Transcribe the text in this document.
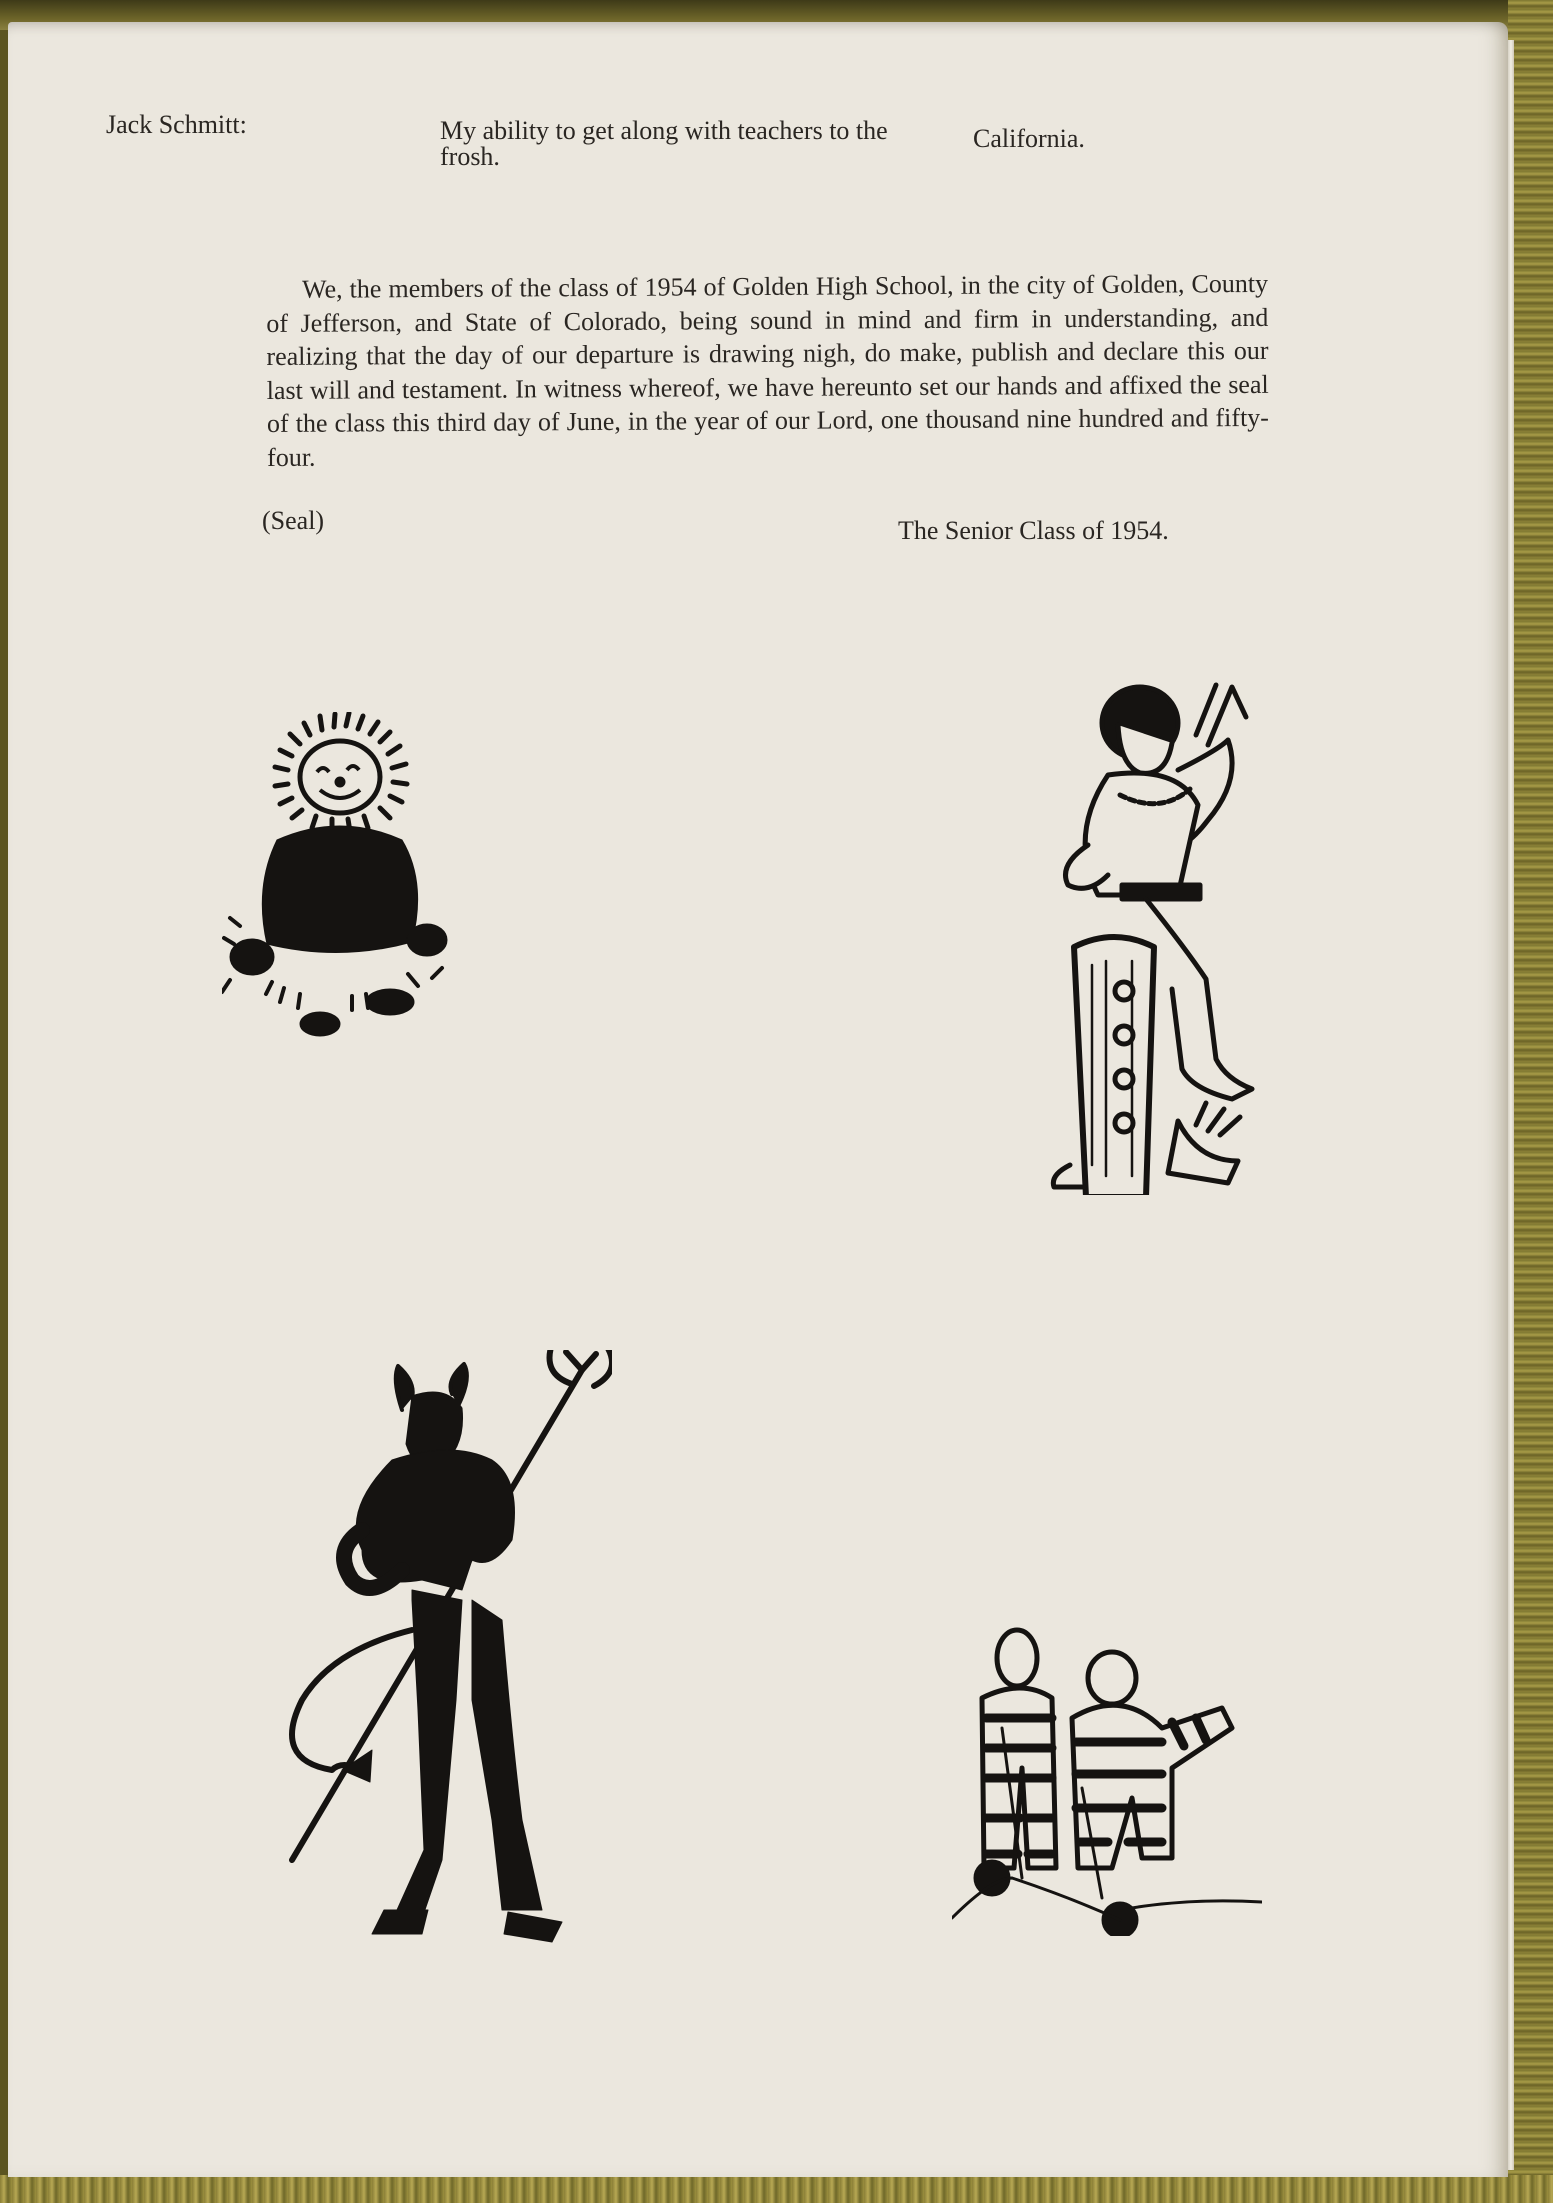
Jack Schmitt:	My ability to get along with teachers to the frosh.
California.
We, the members of the class of 1954 of Golden High School, in the city of Golden, County of Jefferson, and State of Colorado, being sound in mind and firm in understanding, and realizing that the day of our departure is drawing nigh, do make, publish and declare this our last will and testament. In witness whereof, we have hereunto set our hands and affixed the seal of the class this third day of June, in the year of our Lord, one thousand nine hundred and fifty-four.
(Seal)	The Senior Class of 1954.
